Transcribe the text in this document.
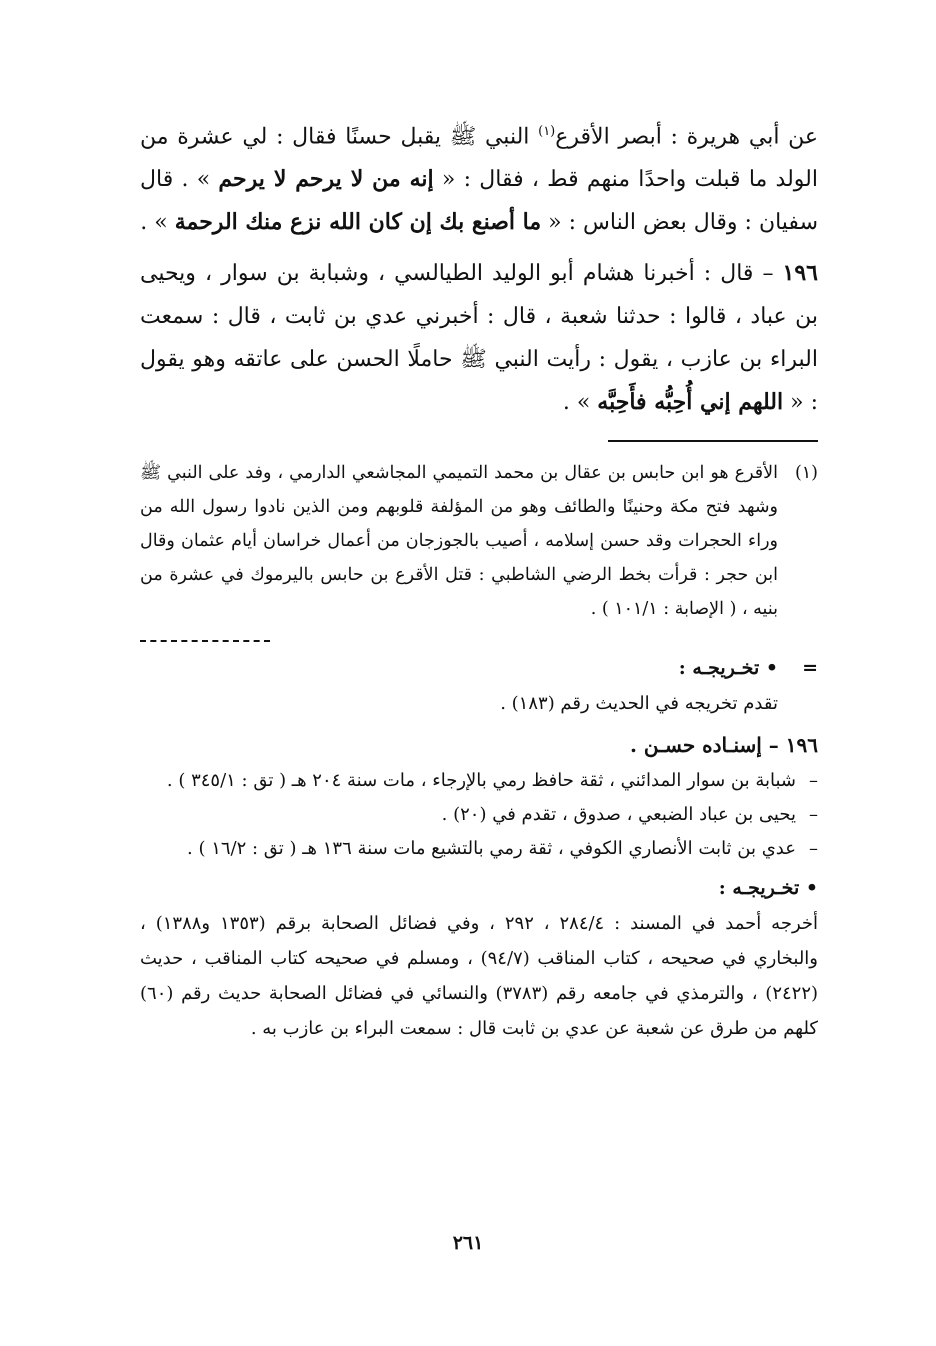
عن أبي هريرة : أبصر الأقرع$^{(١)}$ النبي ﷺ يقبل حسنًا فقال : لي عشرة من الولد ما قبلت واحدًا منهم قط ، فقال : « إنه من لا يرحم لا يرحم » . قال سفيان : وقال بعض الناس : « ما أصنع بك إن كان الله نزع منك الرحمة » .

١٩٦ – قال : أخبرنا هشام أبو الوليد الطيالسي ، وشبابة بن سوار ، ويحيى بن عباد ، قالوا : حدثنا شعبة ، قال : أخبرني عدي بن ثابت ، قال : سمعت البراء بن عازب ، يقول : رأيت النبي ﷺ حاملًا الحسن على عاتقه وهو يقول : « اللهم إني أُحِبُّه فأَحِبَّه » .

(١)
الأقرع هو ابن حابس بن عقال بن محمد التميمي المجاشعي الدارمي ، وفد على النبي ﷺ وشهد فتح مكة وحنينًا والطائف وهو من المؤلفة قلوبهم ومن الذين نادوا رسول الله من وراء الحجرات وقد حسن إسلامه ، أصيب بالجوزجان من أعمال خراسان أيام عثمان وقال ابن حجر : قرأت بخط الرضي الشاطبي : قتل الأقرع بن حابس باليرموك في عشرة من بنيه ، ( الإصابة : ١٠١/١ ) .
=
• تخـريجـه :
تقدم تخريجه في الحديث رقم (١٨٣) .
١٩٦ – إسنـاده حسـن .
–
شبابة بن سوار المدائني ، ثقة حافظ رمي بالإرجاء ، مات سنة ٢٠٤ هـ ( تق : ٣٤٥/١ ) .
–
يحيى بن عباد الضبعي ، صدوق ، تقدم في (٢٠) .
–
عدي بن ثابت الأنصاري الكوفي ، ثقة رمي بالتشيع مات سنة ١٣٦ هـ ( تق : ١٦/٢ ) .
• تخـريجـه :
أخرجه أحمد في المسند : ٢٨٤/٤ ، ٢٩٢ ، وفي فضائل الصحابة برقم (١٣٥٣ و١٣٨٨) ، والبخاري في صحيحه ، كتاب المناقب (٩٤/٧) ، ومسلم في صحيحه كتاب المناقب ، حديث (٢٤٢٢) ، والترمذي في جامعه رقم (٣٧٨٣) والنسائي في فضائل الصحابة حديث رقم (٦٠) كلهم من طرق عن شعبة عن عدي بن ثابت قال : سمعت البراء بن عازب به .
٢٦١
